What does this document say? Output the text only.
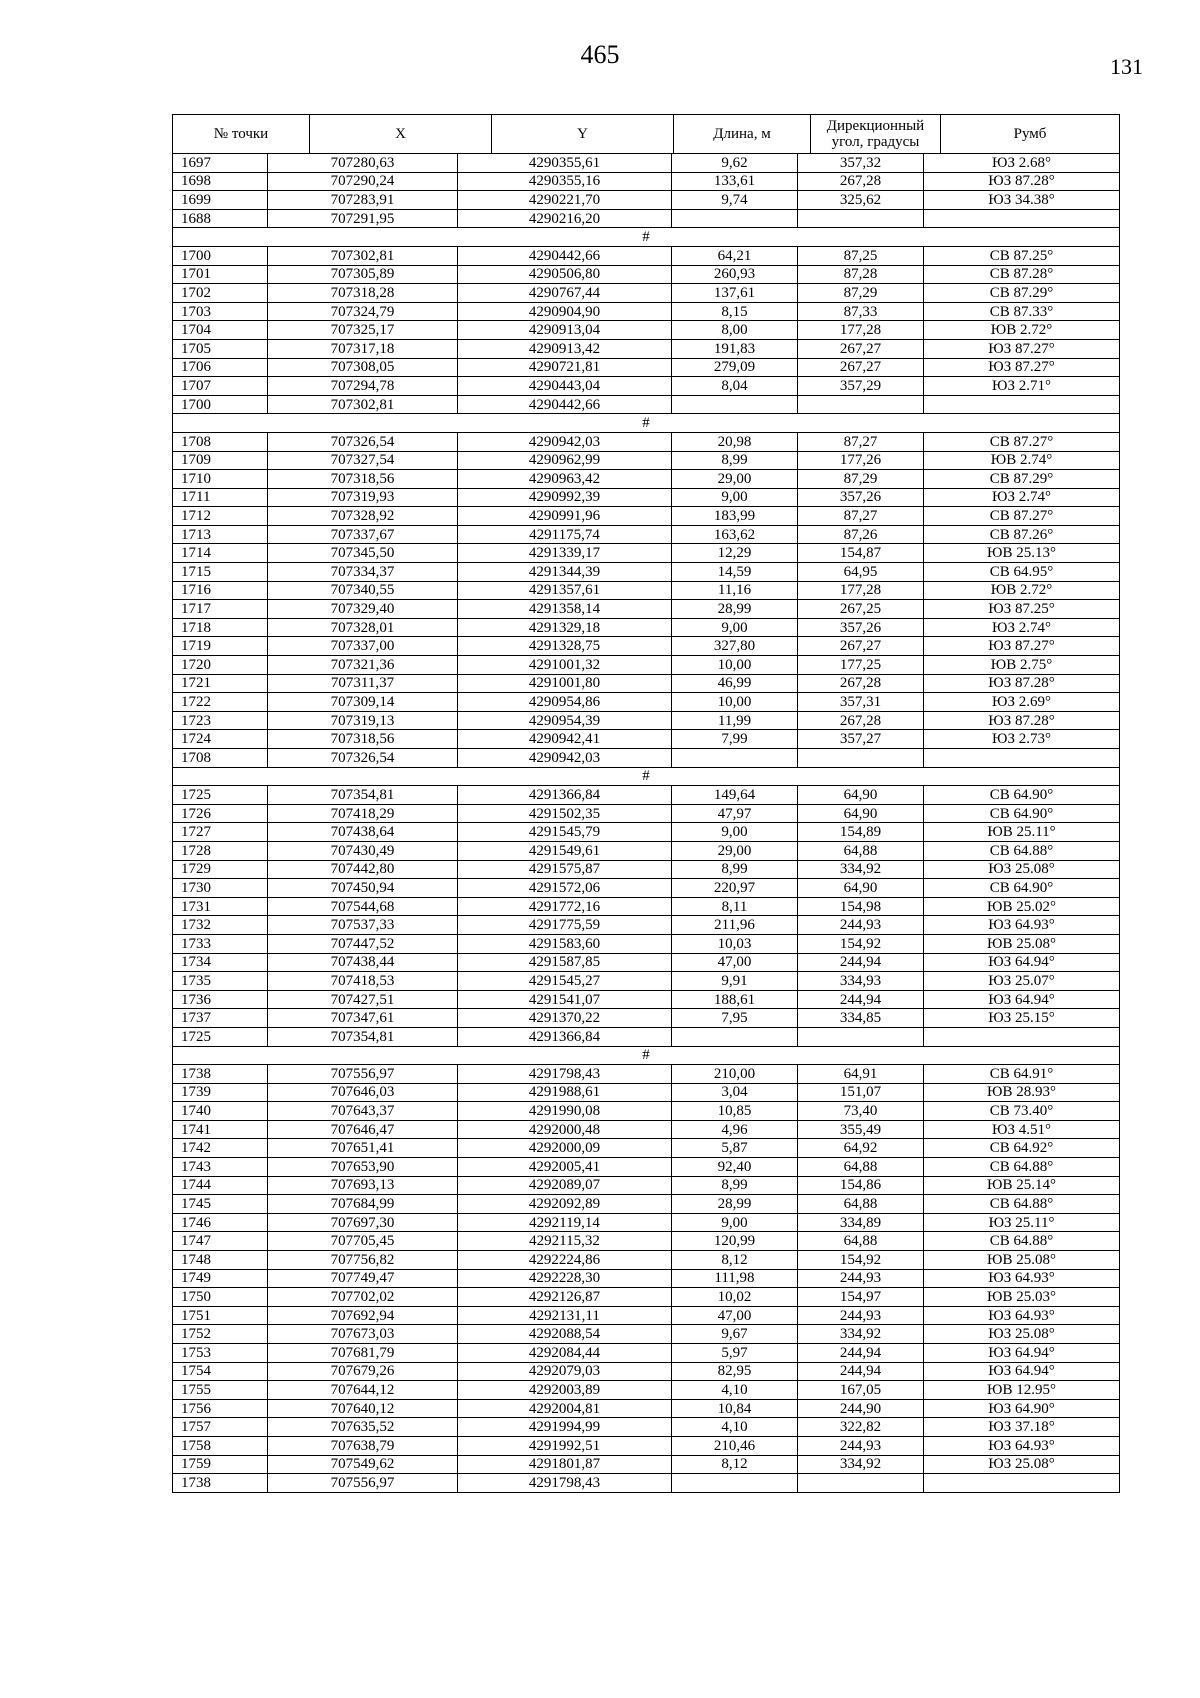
465	131
№ точки	X	Y	Длина, м	Дирекционный
угол, градусы	Румб
1697	707280,63	4290355,61	9,62	357,32	ЮЗ 2.68°
1698	707290,24	4290355,16	133,61	267,28	ЮЗ 87.28°
1699	707283,91	4290221,70	9,74	325,62	ЮЗ 34.38°
1688	707291,95	4290216,20			
#					
1700	707302,81	4290442,66	64,21	87,25	СВ 87.25°
1701	707305,89	4290506,80	260,93	87,28	СВ 87.28°
1702	707318,28	4290767,44	137,61	87,29	СВ 87.29°
1703	707324,79	4290904,90	8,15	87,33	СВ 87.33°
1704	707325,17	4290913,04	8,00	177,28	ЮВ 2.72°
1705	707317,18	4290913,42	191,83	267,27	ЮЗ 87.27°
1706	707308,05	4290721,81	279,09	267,27	ЮЗ 87.27°
1707	707294,78	4290443,04	8,04	357,29	ЮЗ 2.71°
1700	707302,81	4290442,66			
#					
1708	707326,54	4290942,03	20,98	87,27	СВ 87.27°
1709	707327,54	4290962,99	8,99	177,26	ЮВ 2.74°
1710	707318,56	4290963,42	29,00	87,29	СВ 87.29°
1711	707319,93	4290992,39	9,00	357,26	ЮЗ 2.74°
1712	707328,92	4290991,96	183,99	87,27	СВ 87.27°
1713	707337,67	4291175,74	163,62	87,26	СВ 87.26°
1714	707345,50	4291339,17	12,29	154,87	ЮВ 25.13°
1715	707334,37	4291344,39	14,59	64,95	СВ 64.95°
1716	707340,55	4291357,61	11,16	177,28	ЮВ 2.72°
1717	707329,40	4291358,14	28,99	267,25	ЮЗ 87.25°
1718	707328,01	4291329,18	9,00	357,26	ЮЗ 2.74°
1719	707337,00	4291328,75	327,80	267,27	ЮЗ 87.27°
1720	707321,36	4291001,32	10,00	177,25	ЮВ 2.75°
1721	707311,37	4291001,80	46,99	267,28	ЮЗ 87.28°
1722	707309,14	4290954,86	10,00	357,31	ЮЗ 2.69°
1723	707319,13	4290954,39	11,99	267,28	ЮЗ 87.28°
1724	707318,56	4290942,41	7,99	357,27	ЮЗ 2.73°
1708	707326,54	4290942,03			
#					
1725	707354,81	4291366,84	149,64	64,90	СВ 64.90°
1726	707418,29	4291502,35	47,97	64,90	СВ 64.90°
1727	707438,64	4291545,79	9,00	154,89	ЮВ 25.11°
1728	707430,49	4291549,61	29,00	64,88	СВ 64.88°
1729	707442,80	4291575,87	8,99	334,92	ЮЗ 25.08°
1730	707450,94	4291572,06	220,97	64,90	СВ 64.90°
1731	707544,68	4291772,16	8,11	154,98	ЮВ 25.02°
1732	707537,33	4291775,59	211,96	244,93	ЮЗ 64.93°
1733	707447,52	4291583,60	10,03	154,92	ЮВ 25.08°
1734	707438,44	4291587,85	47,00	244,94	ЮЗ 64.94°
1735	707418,53	4291545,27	9,91	334,93	ЮЗ 25.07°
1736	707427,51	4291541,07	188,61	244,94	ЮЗ 64.94°
1737	707347,61	4291370,22	7,95	334,85	ЮЗ 25.15°
1725	707354,81	4291366,84			
#					
1738	707556,97	4291798,43	210,00	64,91	СВ 64.91°
1739	707646,03	4291988,61	3,04	151,07	ЮВ 28.93°
1740	707643,37	4291990,08	10,85	73,40	СВ 73.40°
1741	707646,47	4292000,48	4,96	355,49	ЮЗ 4.51°
1742	707651,41	4292000,09	5,87	64,92	СВ 64.92°
1743	707653,90	4292005,41	92,40	64,88	СВ 64.88°
1744	707693,13	4292089,07	8,99	154,86	ЮВ 25.14°
1745	707684,99	4292092,89	28,99	64,88	СВ 64.88°
1746	707697,30	4292119,14	9,00	334,89	ЮЗ 25.11°
1747	707705,45	4292115,32	120,99	64,88	СВ 64.88°
1748	707756,82	4292224,86	8,12	154,92	ЮВ 25.08°
1749	707749,47	4292228,30	111,98	244,93	ЮЗ 64.93°
1750	707702,02	4292126,87	10,02	154,97	ЮВ 25.03°
1751	707692,94	4292131,11	47,00	244,93	ЮЗ 64.93°
1752	707673,03	4292088,54	9,67	334,92	ЮЗ 25.08°
1753	707681,79	4292084,44	5,97	244,94	ЮЗ 64.94°
1754	707679,26	4292079,03	82,95	244,94	ЮЗ 64.94°
1755	707644,12	4292003,89	4,10	167,05	ЮВ 12.95°
1756	707640,12	4292004,81	10,84	244,90	ЮЗ 64.90°
1757	707635,52	4291994,99	4,10	322,82	ЮЗ 37.18°
1758	707638,79	4291992,51	210,46	244,93	ЮЗ 64.93°
1759	707549,62	4291801,87	8,12	334,92	ЮЗ 25.08°
1738	707556,97	4291798,43			
